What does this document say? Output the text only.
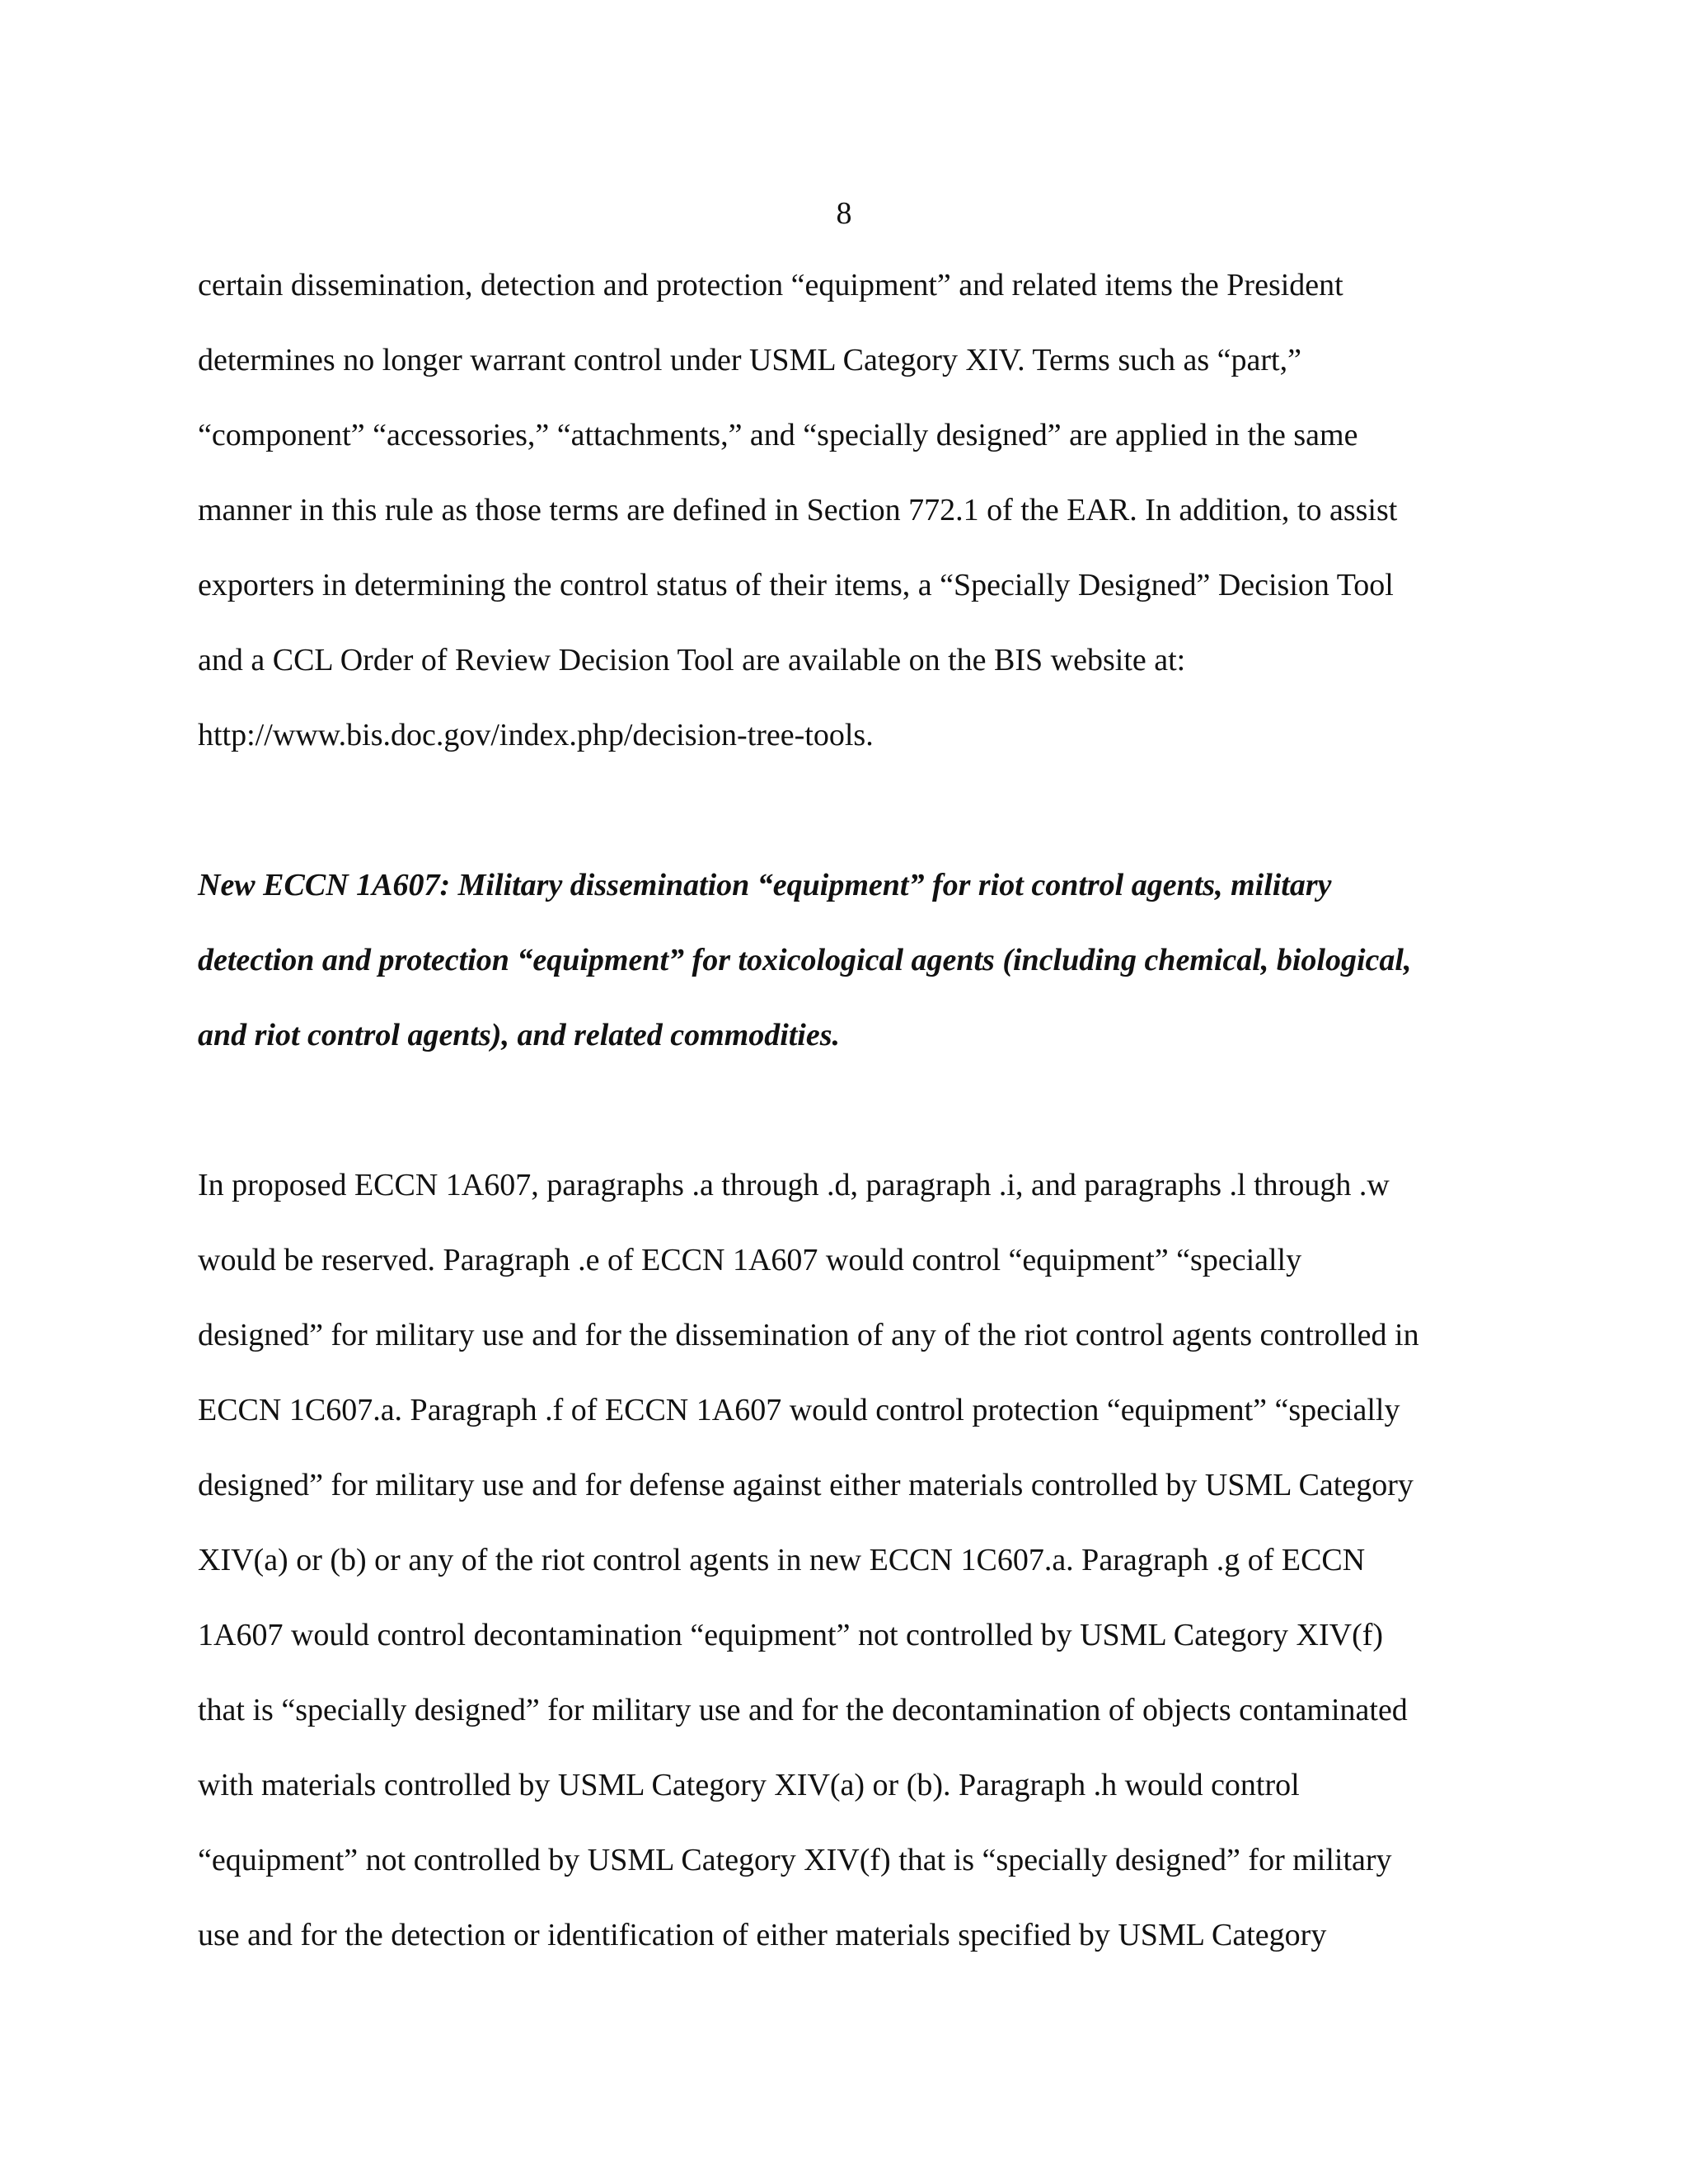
8
certain dissemination, detection and protection “equipment” and related items the President
determines no longer warrant control under USML Category XIV. Terms such as “part,”
“component” “accessories,” “attachments,” and “specially designed” are applied in the same
manner in this rule as those terms are defined in Section 772.1 of the EAR. In addition, to assist
exporters in determining the control status of their items, a “Specially Designed” Decision Tool
and a CCL Order of Review Decision Tool are available on the BIS website at:
http://www.bis.doc.gov/index.php/decision-tree-tools.
New ECCN 1A607: Military dissemination “equipment” for riot control agents, military
detection and protection “equipment” for toxicological agents (including chemical, biological,
and riot control agents), and related commodities.
In proposed ECCN 1A607, paragraphs .a through .d, paragraph .i, and paragraphs .l through .w
would be reserved. Paragraph .e of ECCN 1A607 would control “equipment” “specially
designed” for military use and for the dissemination of any of the riot control agents controlled in
ECCN 1C607.a. Paragraph .f of ECCN 1A607 would control protection “equipment” “specially
designed” for military use and for defense against either materials controlled by USML Category
XIV(a) or (b) or any of the riot control agents in new ECCN 1C607.a. Paragraph .g of ECCN
1A607 would control decontamination “equipment” not controlled by USML Category XIV(f)
that is “specially designed” for military use and for the decontamination of objects contaminated
with materials controlled by USML Category XIV(a) or (b). Paragraph .h would control
“equipment” not controlled by USML Category XIV(f) that is “specially designed” for military
use and for the detection or identification of either materials specified by USML Category
